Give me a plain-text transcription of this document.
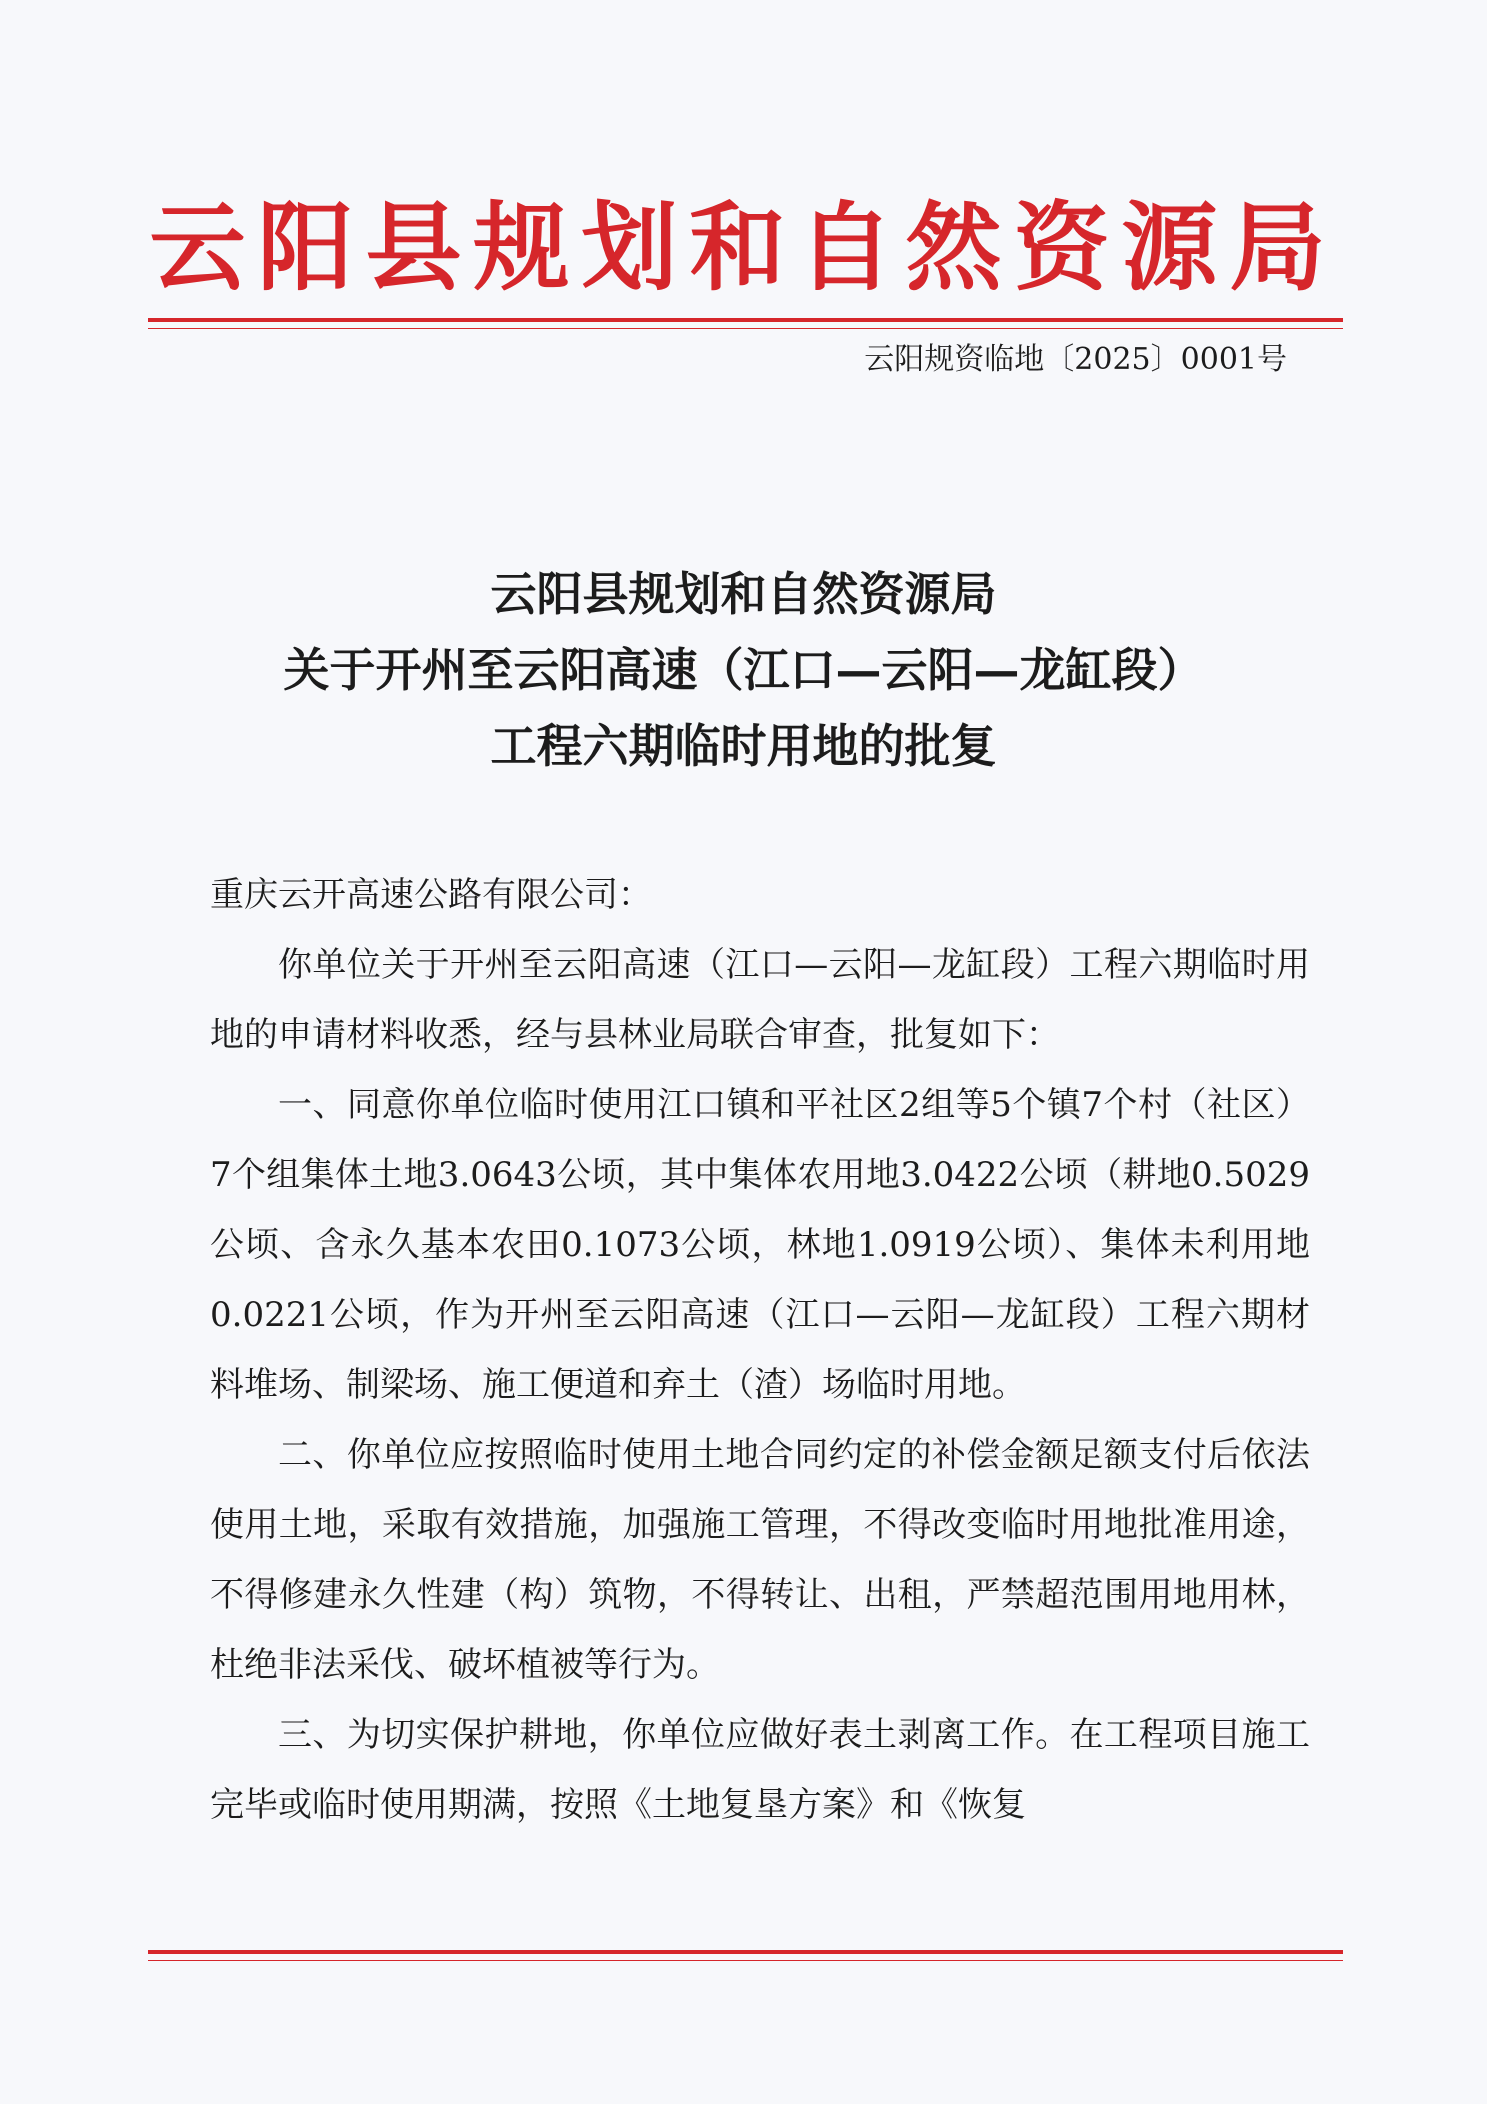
云阳县规划和自然资源局
云阳规资临地〔2025〕0001号
云阳县规划和自然资源局
关于开州至云阳高速（江口—云阳—龙缸段）
工程六期临时用地的批复

重庆云开高速公路有限公司：

你单位关于开州至云阳高速（江口—云阳—龙缸段）工程六期临时用地的申请材料收悉，经与县林业局联合审查，批复如下：

一、同意你单位临时使用江口镇和平社区2组等5个镇7个村（社区）7个组集体土地3.0643公顷，其中集体农用地3.0422公顷（耕地0.5029公顷、含永久基本农田0.1073公顷，林地1.0919公顷）、集体未利用地0.0221公顷，作为开州至云阳高速（江口—云阳—龙缸段）工程六期材料堆场、制梁场、施工便道和弃土（渣）场临时用地。

二、你单位应按照临时使用土地合同约定的补偿金额足额支付后依法使用土地，采取有效措施，加强施工管理，不得改变临时用地批准用途，不得修建永久性建（构）筑物，不得转让、出租，严禁超范围用地用林，杜绝非法采伐、破坏植被等行为。

三、为切实保护耕地，你单位应做好表土剥离工作。在工程项目施工完毕或临时使用期满，按照《土地复垦方案》和《恢复
